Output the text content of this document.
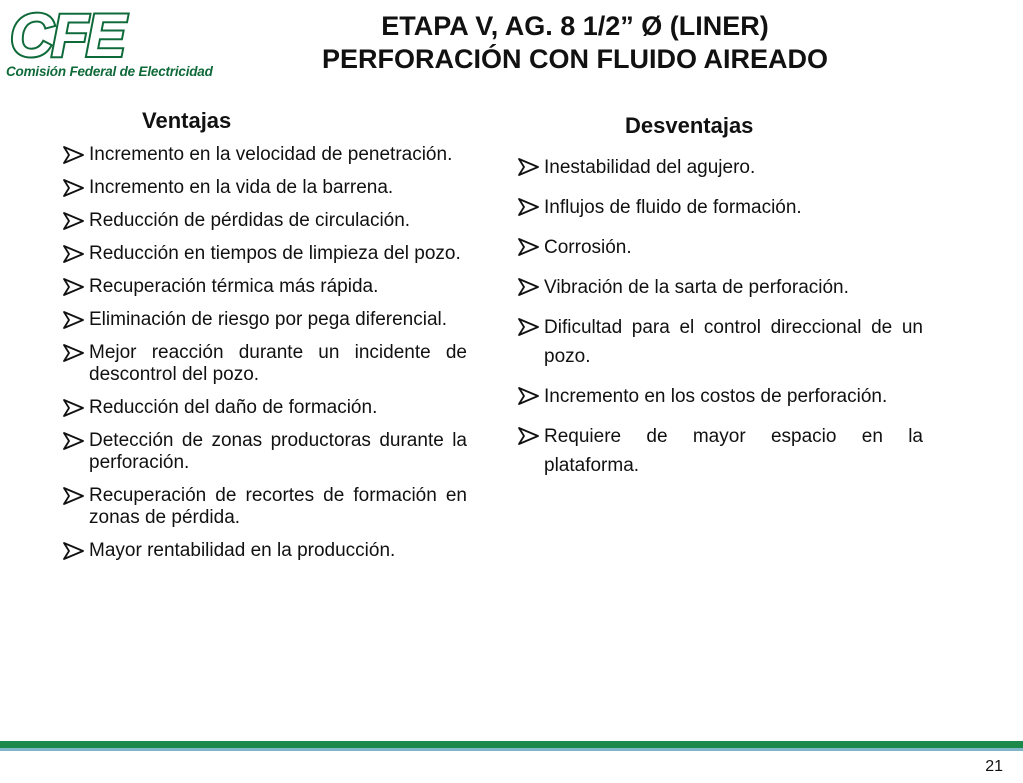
CFE
Comisión Federal de Electricidad
ETAPA V, AG. 8 1/2” Ø (LINER)
PERFORACIÓN CON FLUIDO AIREADO
Ventajas
Incremento en la velocidad de penetración.
Incremento en la vida de la barrena.
Reducción de pérdidas de circulación.
Reducción en tiempos de limpieza del pozo.
Recuperación térmica más rápida.
Eliminación de riesgo por pega diferencial.
Mejor reacción durante un incidente de descontrol del pozo.
Reducción del daño de formación.
Detección de zonas productoras durante la perforación.
Recuperación de recortes de formación en zonas de pérdida.
Mayor rentabilidad en la producción.
Desventajas
Inestabilidad del agujero.
Influjos de fluido de formación.
Corrosión.
Vibración de la sarta de perforación.
Dificultad para el control direccional de un pozo.
Incremento en los costos de perforación.
Requiere de mayor espacio en la plataforma.
21
